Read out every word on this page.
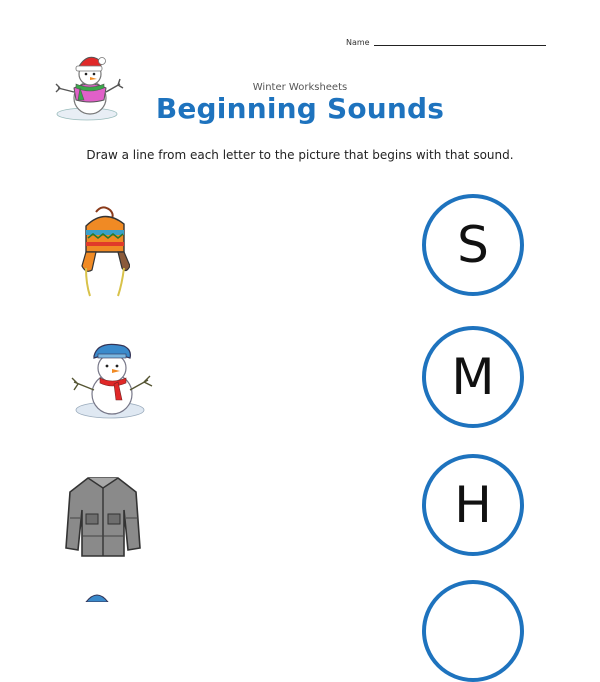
Name
Winter Worksheets
Beginning Sounds
Draw a line from each letter to the picture that begins with that sound.
S
M
H
